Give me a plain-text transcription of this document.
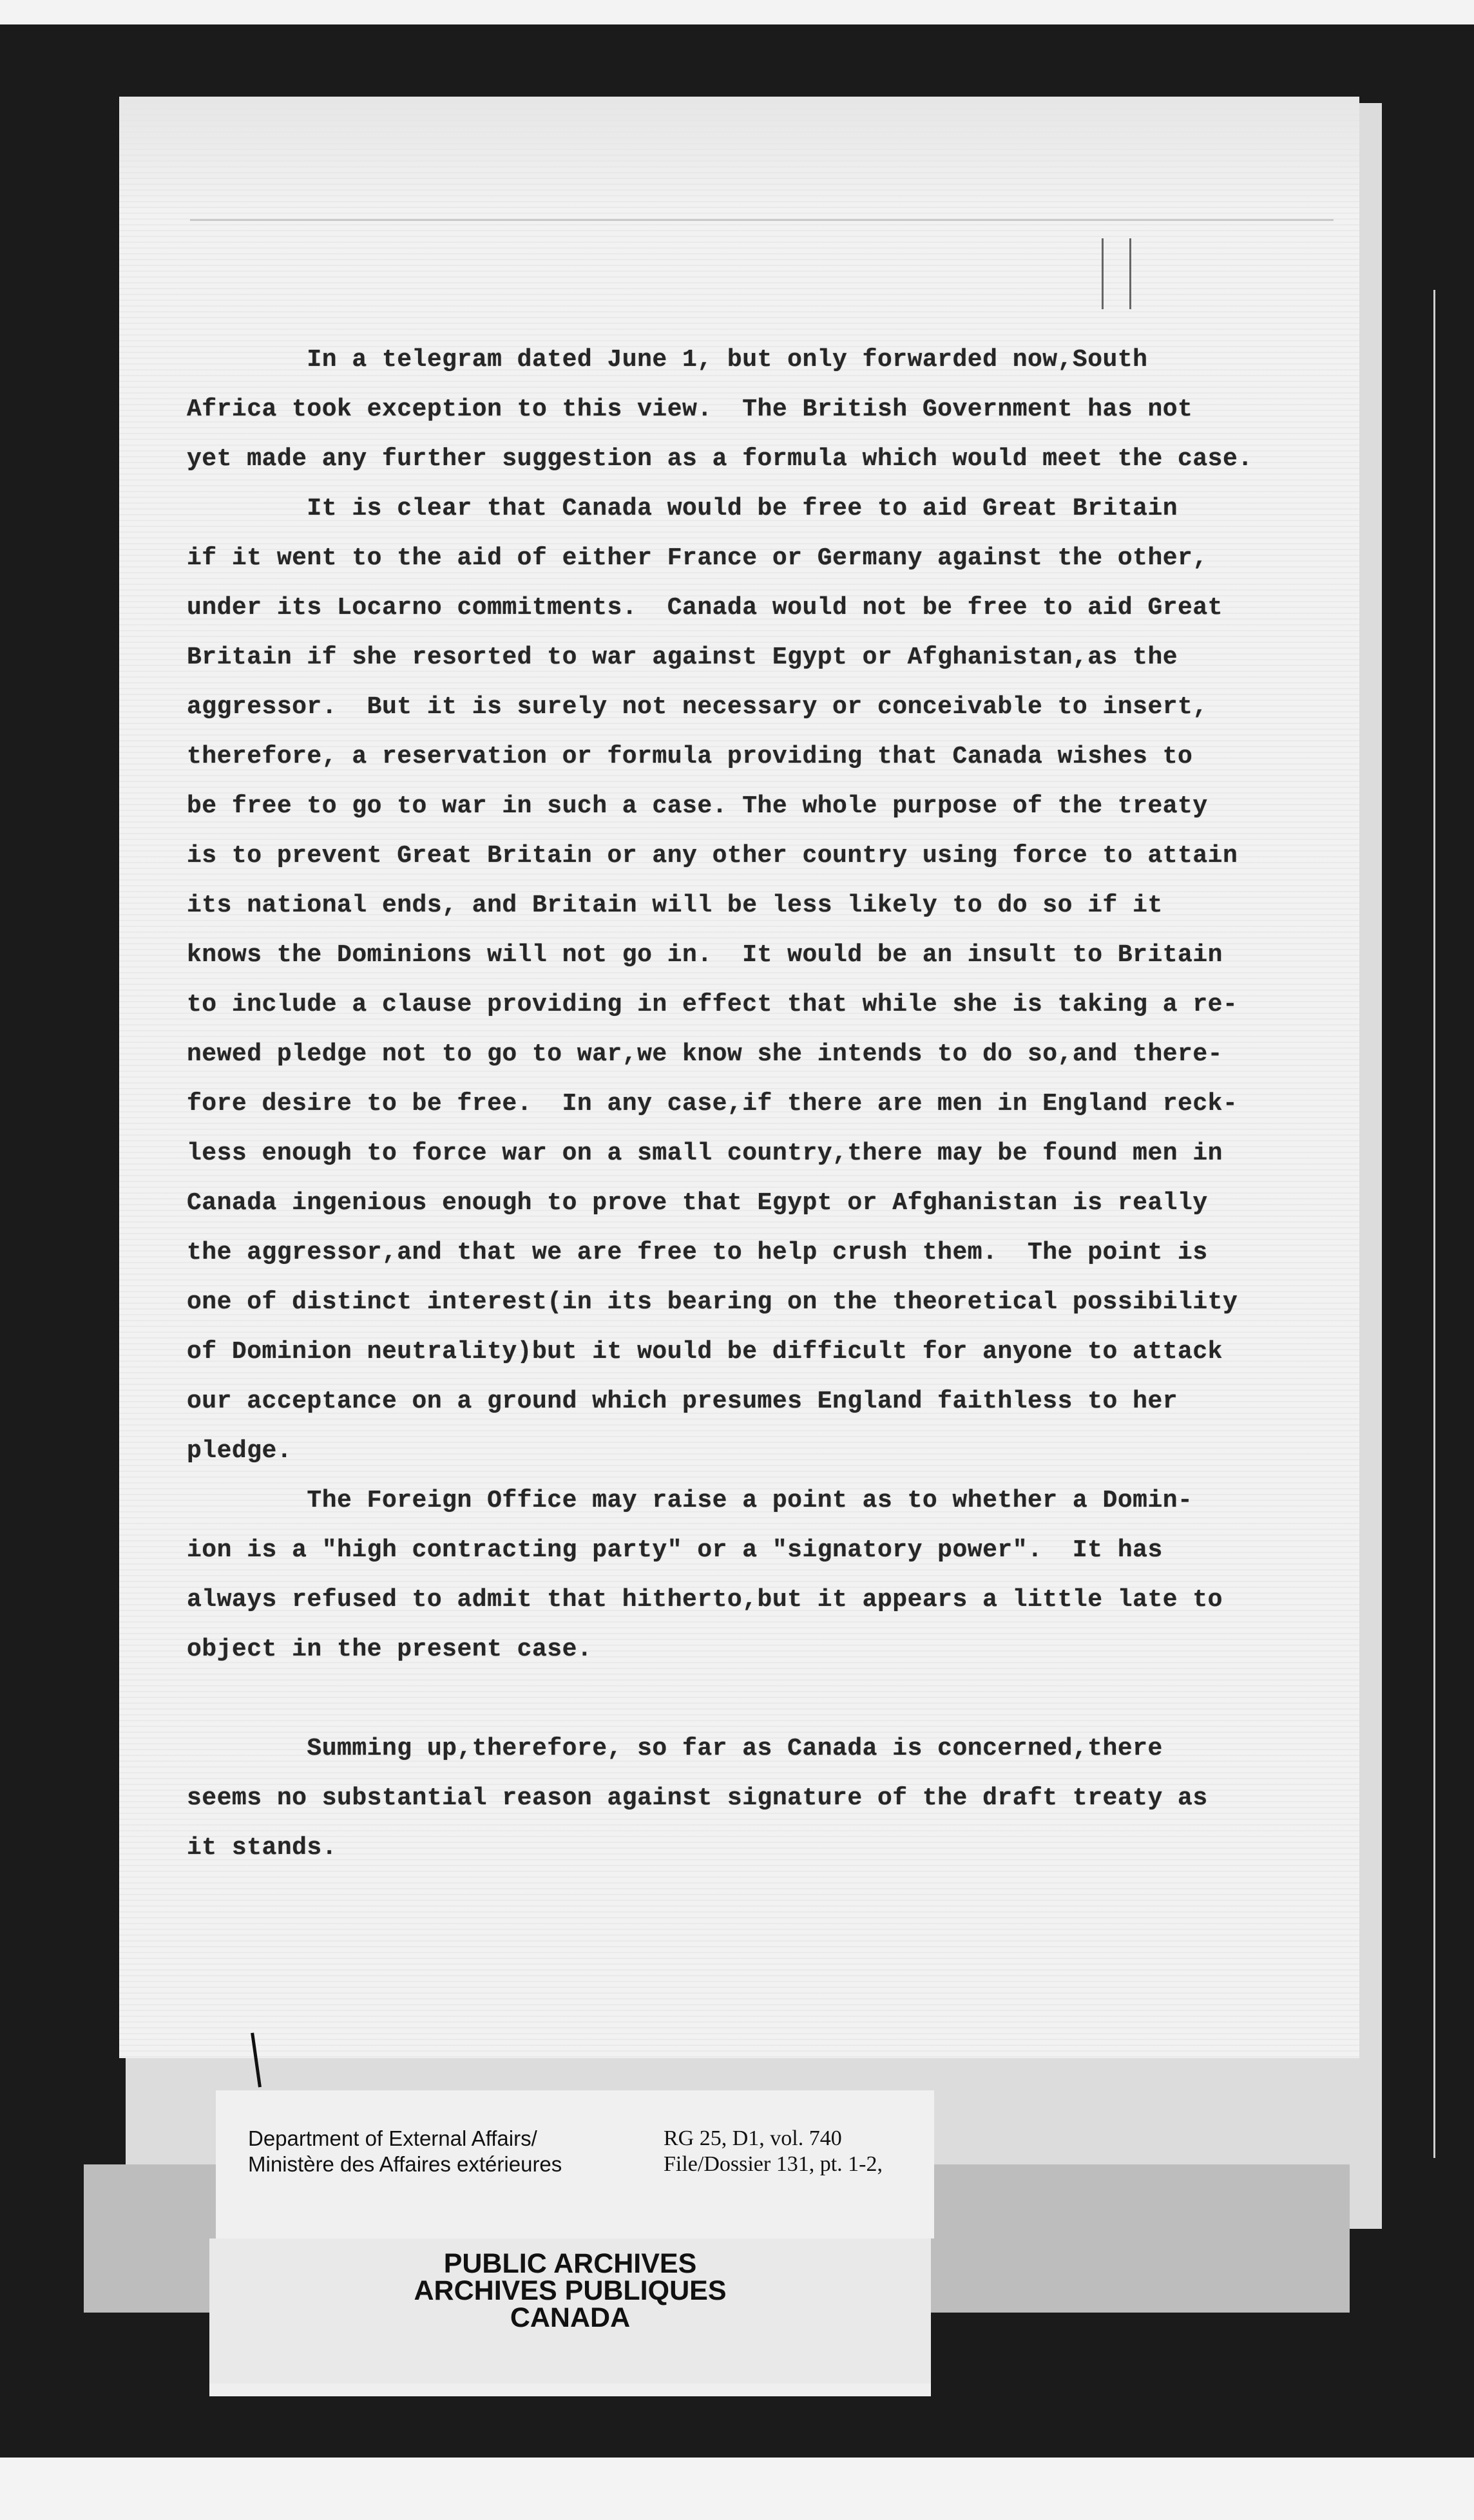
In a telegram dated June 1, but only forwarded now,South
Africa took exception to this view.  The British Government has not
yet made any further suggestion as a formula which would meet the case.
It is clear that Canada would be free to aid Great Britain
if it went to the aid of either France or Germany against the other,
under its Locarno commitments.  Canada would not be free to aid Great
Britain if she resorted to war against Egypt or Afghanistan,as the
aggressor.  But it is surely not necessary or conceivable to insert,
therefore, a reservation or formula providing that Canada wishes to
be free to go to war in such a case. The whole purpose of the treaty
is to prevent Great Britain or any other country using force to attain
its national ends, and Britain will be less likely to do so if it
knows the Dominions will not go in.  It would be an insult to Britain
to include a clause providing in effect that while she is taking a re-
newed pledge not to go to war,we know she intends to do so,and there-
fore desire to be free.  In any case,if there are men in England reck-
less enough to force war on a small country,there may be found men in
Canada ingenious enough to prove that Egypt or Afghanistan is really
the aggressor,and that we are free to help crush them.  The point is
one of distinct interest(in its bearing on the theoretical possibility
of Dominion neutrality)but it would be difficult for anyone to attack
our acceptance on a ground which presumes England faithless to her
pledge.
The Foreign Office may raise a point as to whether a Domin-
ion is a "high contracting party" or a "signatory power".  It has
always refused to admit that hitherto,but it appears a little late to
object in the present case.
Summing up,therefore, so far as Canada is concerned,there
seems no substantial reason against signature of the draft treaty as
it stands.
Department of External Affairs/
Ministère des Affaires extérieures
RG 25, D1, vol. 740
File/Dossier 131, pt. 1-2,
PUBLIC ARCHIVES
ARCHIVES PUBLIQUES
CANADA
